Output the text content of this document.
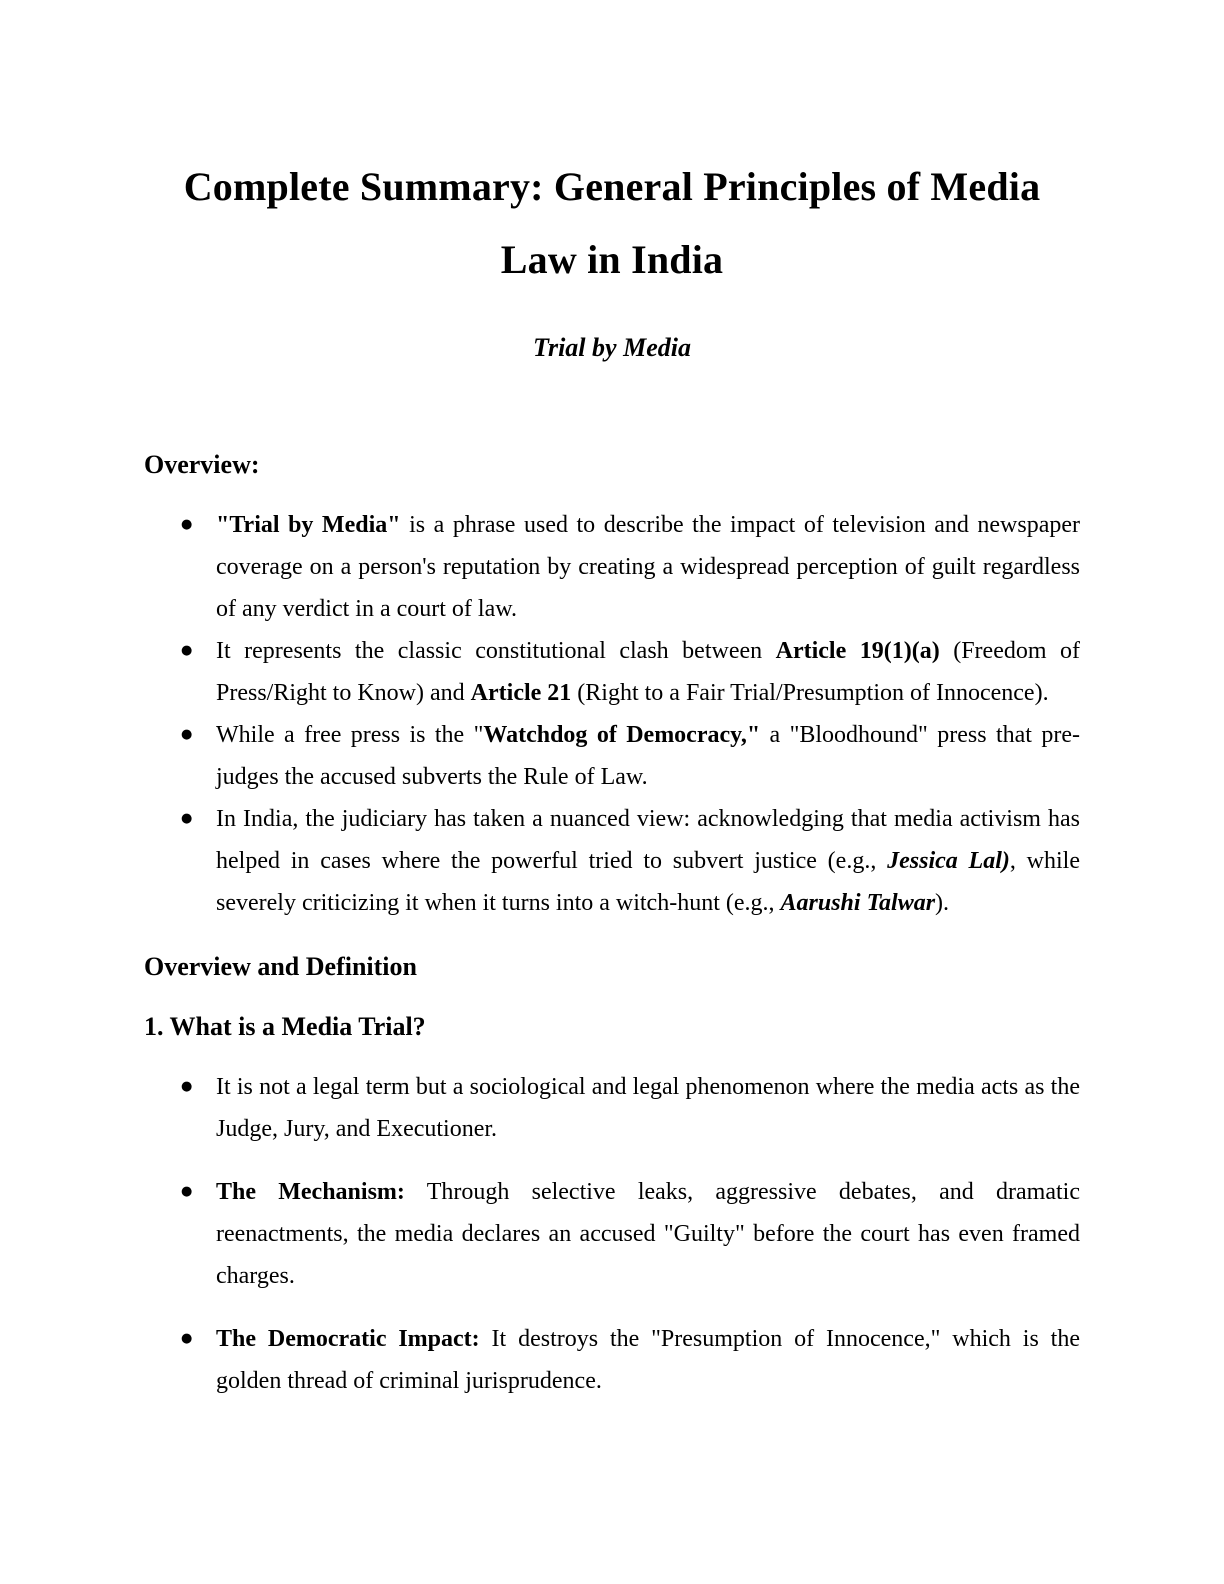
Complete Summary: General Principles of Media
Law in India
Trial by Media
Overview:
● "Trial by Media" is a phrase used to describe the impact of television and newspaper coverage on a person's reputation by creating a widespread perception of guilt regardless of any verdict in a court of law.
● It represents the classic constitutional clash between Article 19(1)(a) (Freedom of Press/Right to Know) and Article 21 (Right to a Fair Trial/Presumption of Innocence).
● While a free press is the "Watchdog of Democracy," a "Bloodhound" press that pre-judges the accused subverts the Rule of Law.
● In India, the judiciary has taken a nuanced view: acknowledging that media activism has helped in cases where the powerful tried to subvert justice (e.g., Jessica Lal), while severely criticizing it when it turns into a witch-hunt (e.g., Aarushi Talwar).
Overview and Definition
1. What is a Media Trial?
● It is not a legal term but a sociological and legal phenomenon where the media acts as the Judge, Jury, and Executioner.
● The Mechanism: Through selective leaks, aggressive debates, and dramatic reenactments, the media declares an accused "Guilty" before the court has even framed charges.
● The Democratic Impact: It destroys the "Presumption of Innocence," which is the golden thread of criminal jurisprudence.
